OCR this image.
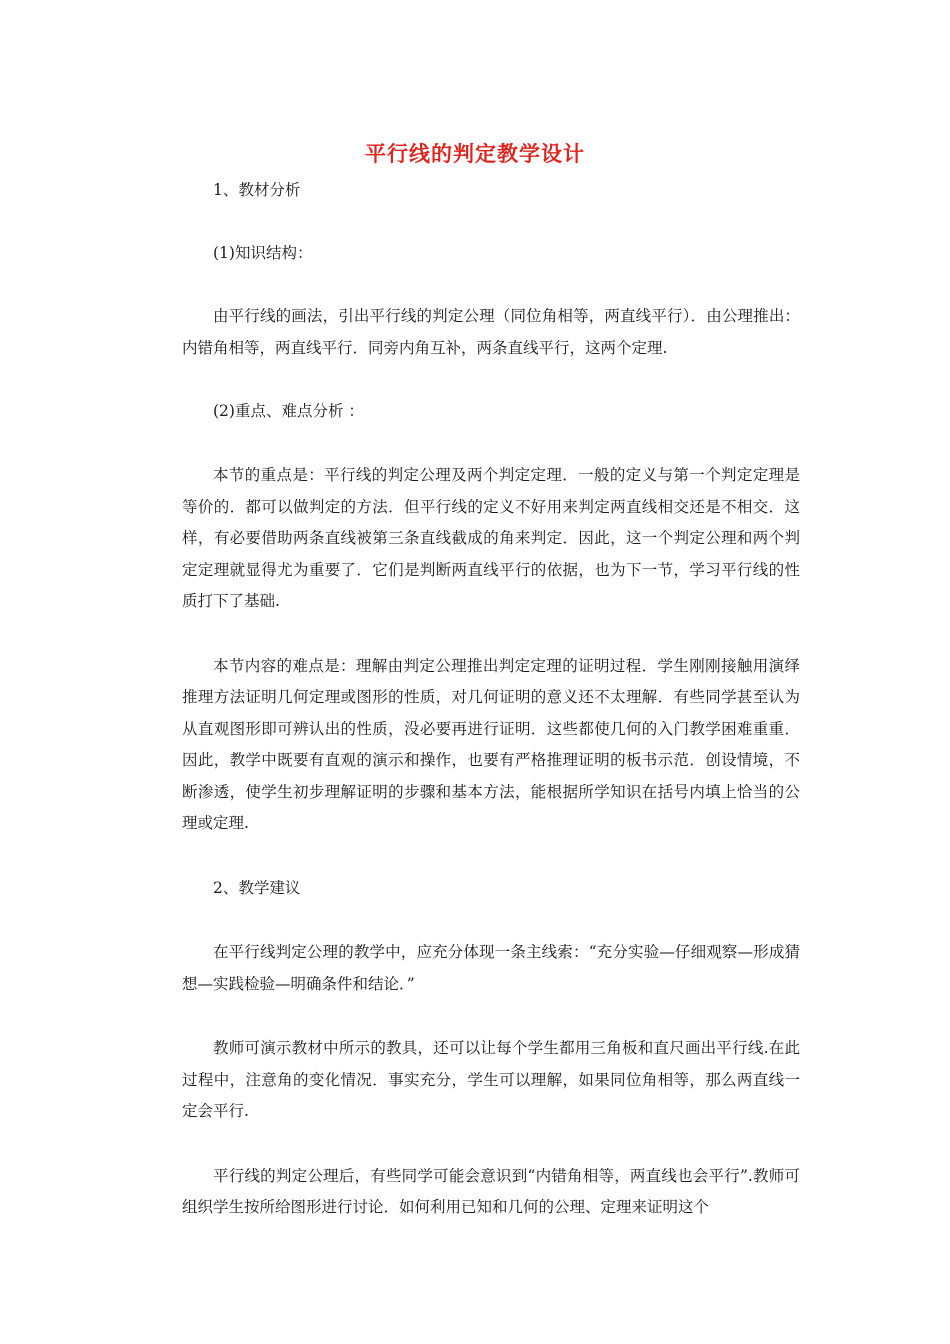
平行线的判定教学设计

1、教材分析

(1)知识结构：

由平行线的画法，引出平行线的判定公理（同位角相等，两直线平行）．由公理推出：内错角相等，两直线平行．同旁内角互补，两条直线平行，这两个定理.

(2)重点、难点分析 ：

本节的重点是：平行线的判定公理及两个判定定理．一般的定义与第一个判定定理是等价的．都可以做判定的方法．但平行线的定义不好用来判定两直线相交还是不相交．这样，有必要借助两条直线被第三条直线截成的角来判定．因此，这一个判定公理和两个判定定理就显得尤为重要了．它们是判断两直线平行的依据，也为下一节，学习平行线的性质打下了基础.

本节内容的难点是：理解由判定公理推出判定定理的证明过程．学生刚刚接触用演绎推理方法证明几何定理或图形的性质，对几何证明的意义还不太理解．有些同学甚至认为从直观图形即可辨认出的性质，没必要再进行证明．这些都使几何的入门教学困难重重．因此，教学中既要有直观的演示和操作，也要有严格推理证明的板书示范．创设情境，不断渗透，使学生初步理解证明的步骤和基本方法，能根据所学知识在括号内填上恰当的公理或定理.

2、教学建议

在平行线判定公理的教学中，应充分体现一条主线索：“充分实验—仔细观察—形成猜想—实践检验—明确条件和结论．”

教师可演示教材中所示的教具，还可以让每个学生都用三角板和直尺画出平行线.在此过程中，注意角的变化情况．事实充分，学生可以理解，如果同位角相等，那么两直线一定会平行.

平行线的判定公理后，有些同学可能会意识到“内错角相等，两直线也会平行”.教师可组织学生按所给图形进行讨论．如何利用已知和几何的公理、定理来证明这个
